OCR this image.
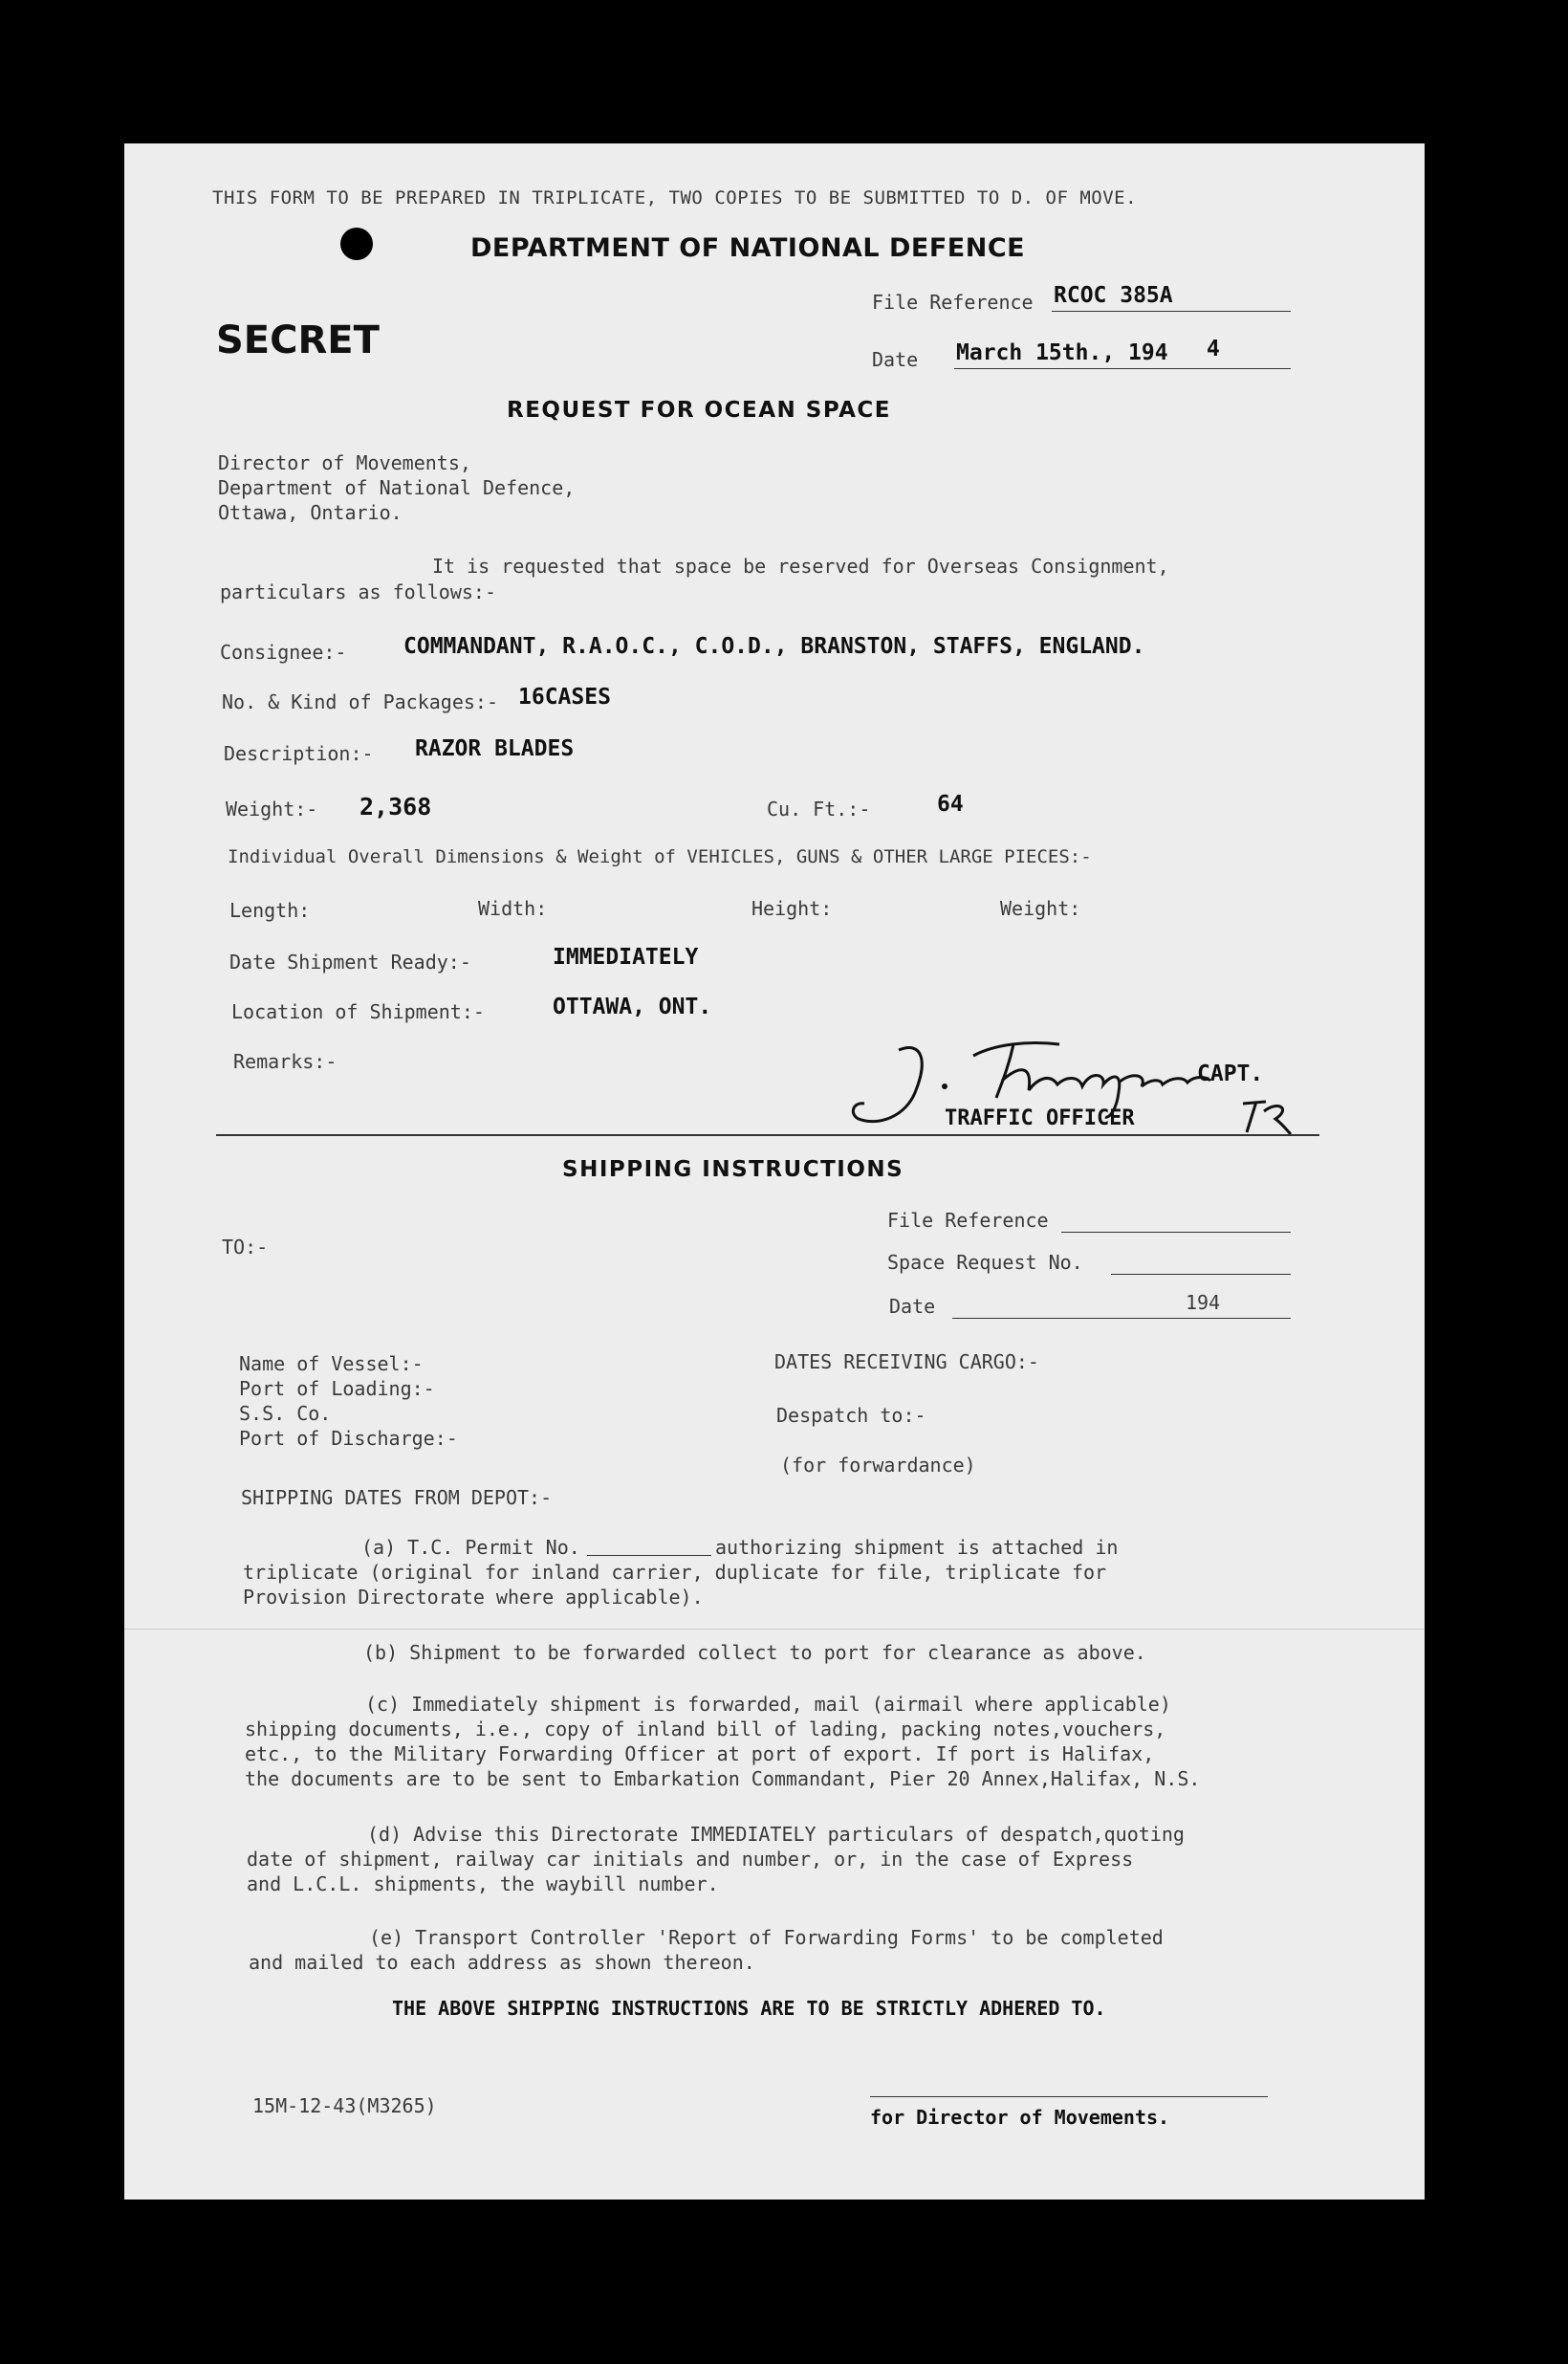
THIS FORM TO BE PREPARED IN TRIPLICATE, TWO COPIES TO BE SUBMITTED TO D. OF MOVE.
DEPARTMENT OF NATIONAL DEFENCE
File Reference RCOC 385A
SECRET	Date March 15th., 194 4
REQUEST FOR OCEAN SPACE
Director of Movements,
Department of National Defence,
Ottawa, Ontario.
It is requested that space be reserved for Overseas Consignment,
particulars as follows:-
Consignee:-	COMMANDANT, R.A.O.C., C.O.D., BRANSTON, STAFFS, ENGLAND.
No. & Kind of Packages:- 16CASES
Description:- RAZOR BLADES
Weight:- 2,368	Cu. Ft.:-	64
Individual Overall Dimensions & Weight of VEHICLES, GUNS & OTHER LARGE PIECES:-
Length:	Width:	Height:	Weight:
Date Shipment Ready:-	IMMEDIATELY
Location of Shipment:-	OTTAWA, ONT.
Remarks:-	CAPT.
TRAFFIC OFFICER
SHIPPING INSTRUCTIONS
File Reference
TO:-
Space Request No.
Date	194
Name of Vessel:-
Port of Loading:-
S.S. Co.
Port of Discharge:-
DATES RECEIVING CARGO:-
Despatch to:-
(for forwardance)
SHIPPING DATES FROM DEPOT:-
(a) T.C. Permit No.	authorizing shipment is attached in
triplicate (original for inland carrier, duplicate for file, triplicate for
Provision Directorate where applicable).
(b) Shipment to be forwarded collect to port for clearance as above.
(c) Immediately shipment is forwarded, mail (airmail where applicable)
shipping documents, i.e., copy of inland bill of lading, packing notes,vouchers,
etc., to the Military Forwarding Officer at port of export. If port is Halifax,
the documents are to be sent to Embarkation Commandant, Pier 20 Annex,Halifax, N.S.
(d) Advise this Directorate IMMEDIATELY particulars of despatch,quoting
date of shipment, railway car initials and number, or, in the case of Express
and L.C.L. shipments, the waybill number.
(e) Transport Controller 'Report of Forwarding Forms' to be completed
and mailed to each address as shown thereon.
THE ABOVE SHIPPING INSTRUCTIONS ARE TO BE STRICTLY ADHERED TO.
15M-12-43(M3265)	for Director of Movements.
